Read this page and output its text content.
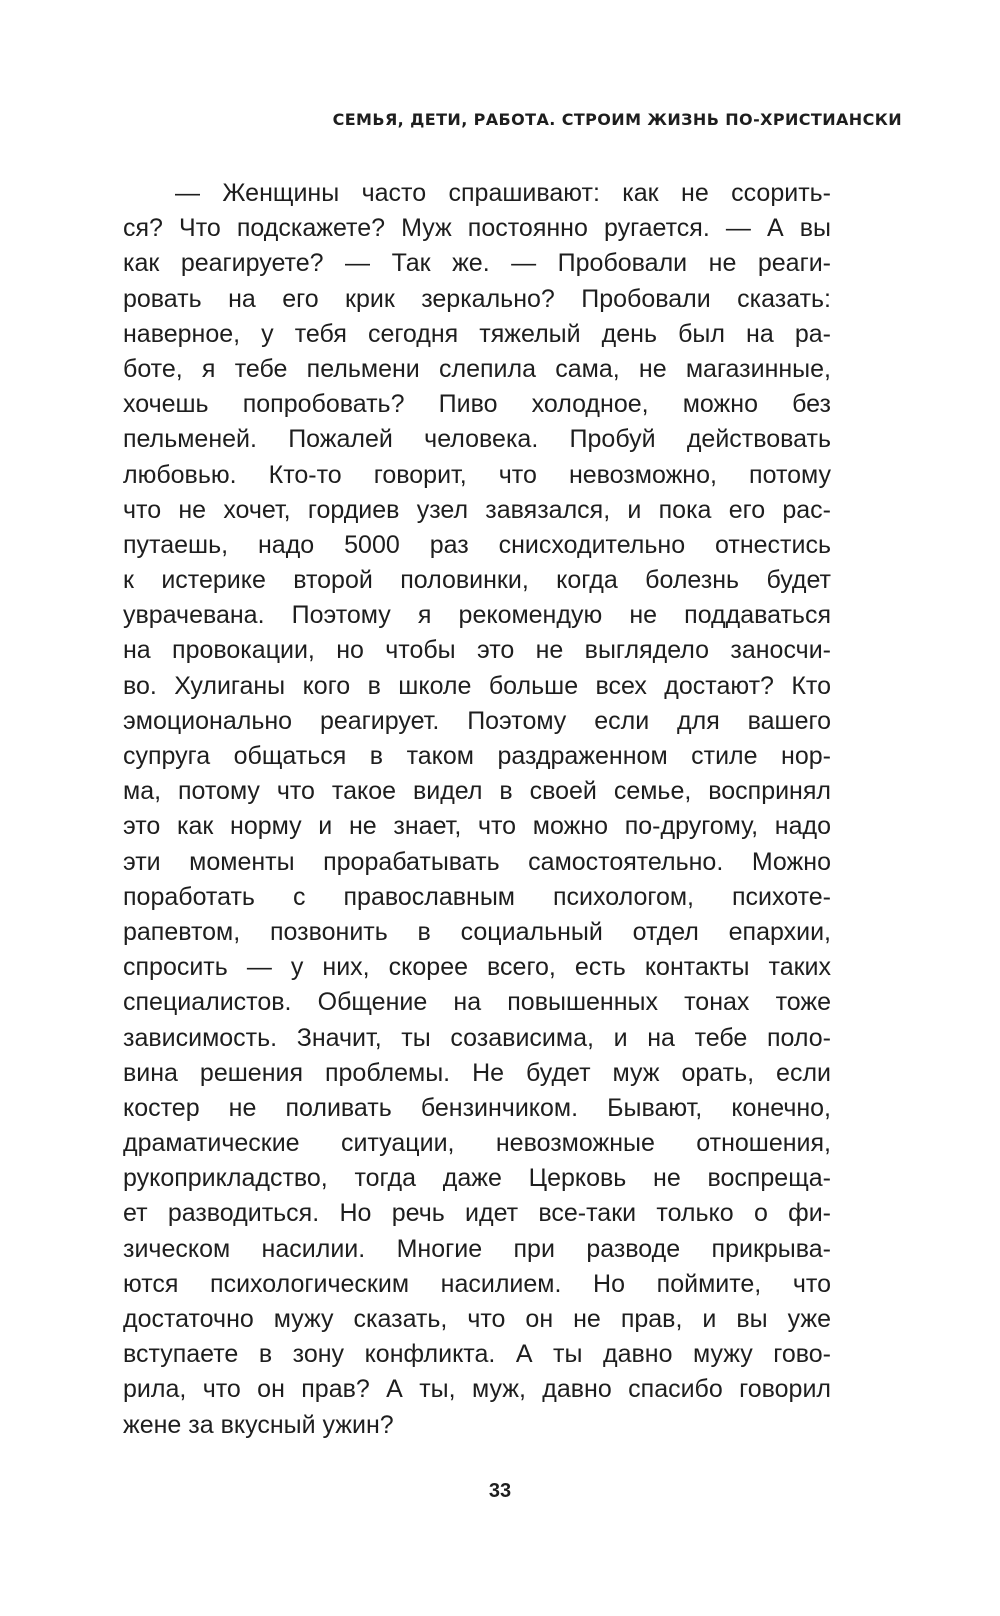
СЕМЬЯ, ДЕТИ, РАБОТА. СТРОИМ ЖИЗНЬ ПО-ХРИСТИАНСКИ
— Женщины часто спрашивают: как не ссорить-
ся? Что подскажете? Муж постоянно ругается. — А вы
как реагируете? — Так же. — Пробовали не реаги-
ровать на его крик зеркально? Пробовали сказать:
наверное, у тебя сегодня тяжелый день был на ра-
боте, я тебе пельмени слепила сама, не магазинные,
хочешь попробовать? Пиво холодное, можно без
пельменей. Пожалей человека. Пробуй действовать
любовью. Кто-то говорит, что невозможно, потому
что не хочет, гордиев узел завязался, и пока его рас-
путаешь, надо 5000 раз снисходительно отнестись
к истерике второй половинки, когда болезнь будет
уврачевана. Поэтому я рекомендую не поддаваться
на провокации, но чтобы это не выглядело заносчи-
во. Хулиганы кого в школе больше всех достают? Кто
эмоционально реагирует. Поэтому если для вашего
супруга общаться в таком раздраженном стиле нор-
ма, потому что такое видел в своей семье, воспринял
это как норму и не знает, что можно по-другому, надо
эти моменты прорабатывать самостоятельно. Можно
поработать с православным психологом, психоте-
рапевтом, позвонить в социальный отдел епархии,
спросить — у них, скорее всего, есть контакты таких
специалистов. Общение на повышенных тонах тоже
зависимость. Значит, ты созависима, и на тебе поло-
вина решения проблемы. Не будет муж орать, если
костер не поливать бензинчиком. Бывают, конечно,
драматические ситуации, невозможные отношения,
рукоприкладство, тогда даже Церковь не воспреща-
ет разводиться. Но речь идет все-таки только о фи-
зическом насилии. Многие при разводе прикрыва-
ются психологическим насилием. Но поймите, что
достаточно мужу сказать, что он не прав, и вы уже
вступаете в зону конфликта. А ты давно мужу гово-
рила, что он прав? А ты, муж, давно спасибо говорил
жене за вкусный ужин?
33
